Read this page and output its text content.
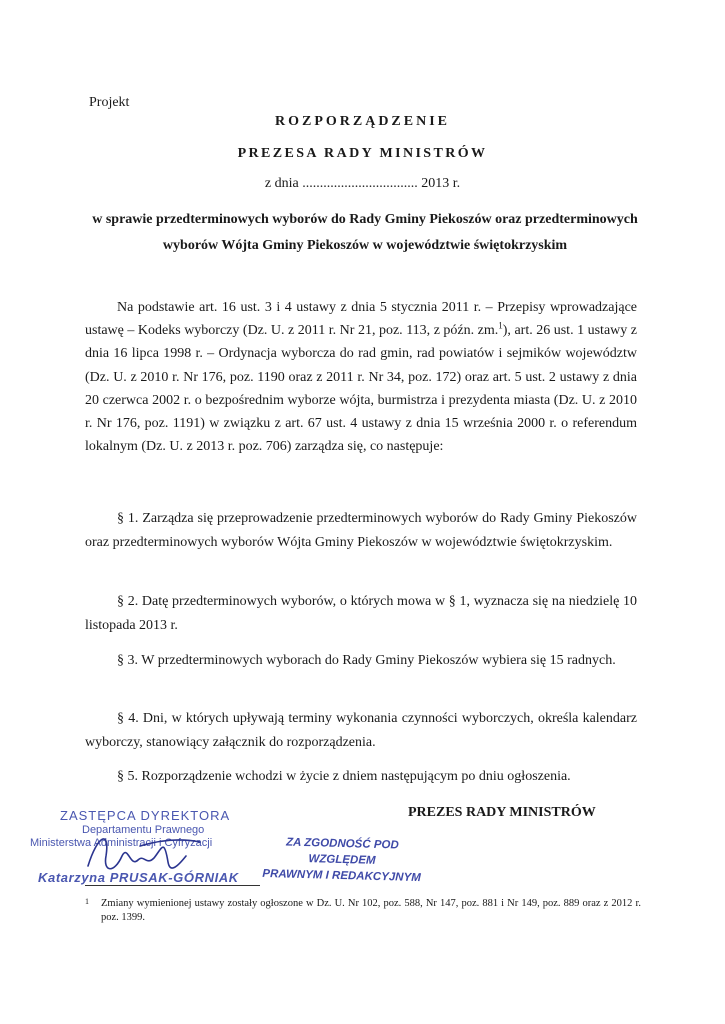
Projekt
ROZPORZĄDZENIE
PREZESA RADY MINISTRÓW
z dnia ................................. 2013 r.
w sprawie przedterminowych wyborów do Rady Gminy Piekoszów oraz przedterminowych wyborów Wójta Gminy Piekoszów w województwie świętokrzyskim
Na podstawie art. 16 ust. 3 i 4 ustawy z dnia 5 stycznia 2011 r. – Przepisy wprowadzające ustawę – Kodeks wyborczy (Dz. U. z 2011 r. Nr 21, poz. 113, z późn. zm.$^1$), art. 26 ust. 1 ustawy z dnia 16 lipca 1998 r. – Ordynacja wyborcza do rad gmin, rad powiatów i sejmików województw (Dz. U. z 2010 r. Nr 176, poz. 1190 oraz z 2011 r. Nr 34, poz. 172) oraz art. 5 ust. 2 ustawy z dnia 20 czerwca 2002 r. o bezpośrednim wyborze wójta, burmistrza i prezydenta miasta (Dz. U. z 2010 r. Nr 176, poz. 1191) w związku z art. 67 ust. 4 ustawy z dnia 15 września 2000 r. o referendum lokalnym (Dz. U. z 2013 r. poz. 706) zarządza się, co następuje:
§ 1. Zarządza się przeprowadzenie przedterminowych wyborów do Rady Gminy Piekoszów oraz przedterminowych wyborów Wójta Gminy Piekoszów w województwie świętokrzyskim.
§ 2. Datę przedterminowych wyborów, o których mowa w § 1, wyznacza się na niedzielę 10 listopada 2013 r.
§ 3. W przedterminowych wyborach do Rady Gminy Piekoszów wybiera się 15 radnych.
§ 4. Dni, w których upływają terminy wykonania czynności wyborczych, określa kalendarz wyborczy, stanowiący załącznik do rozporządzenia.
§ 5. Rozporządzenie wchodzi w życie z dniem następującym po dniu ogłoszenia.
PREZES RADY MINISTRÓW
ZASTĘPCA DYREKTORA
Departamentu Prawnego
Ministerstwa Administracji i Cyfryzacji
Katarzyna PRUSAK-GÓRNIAK
ZA ZGODNOŚĆ POD WZGLĘDEM
PRAWNYM I REDAKCYJNYM
1	Zmiany wymienionej ustawy zostały ogłoszone w Dz. U. Nr 102, poz. 588, Nr 147, poz. 881 i Nr 149, poz. 889 oraz z 2012 r. poz. 1399.
